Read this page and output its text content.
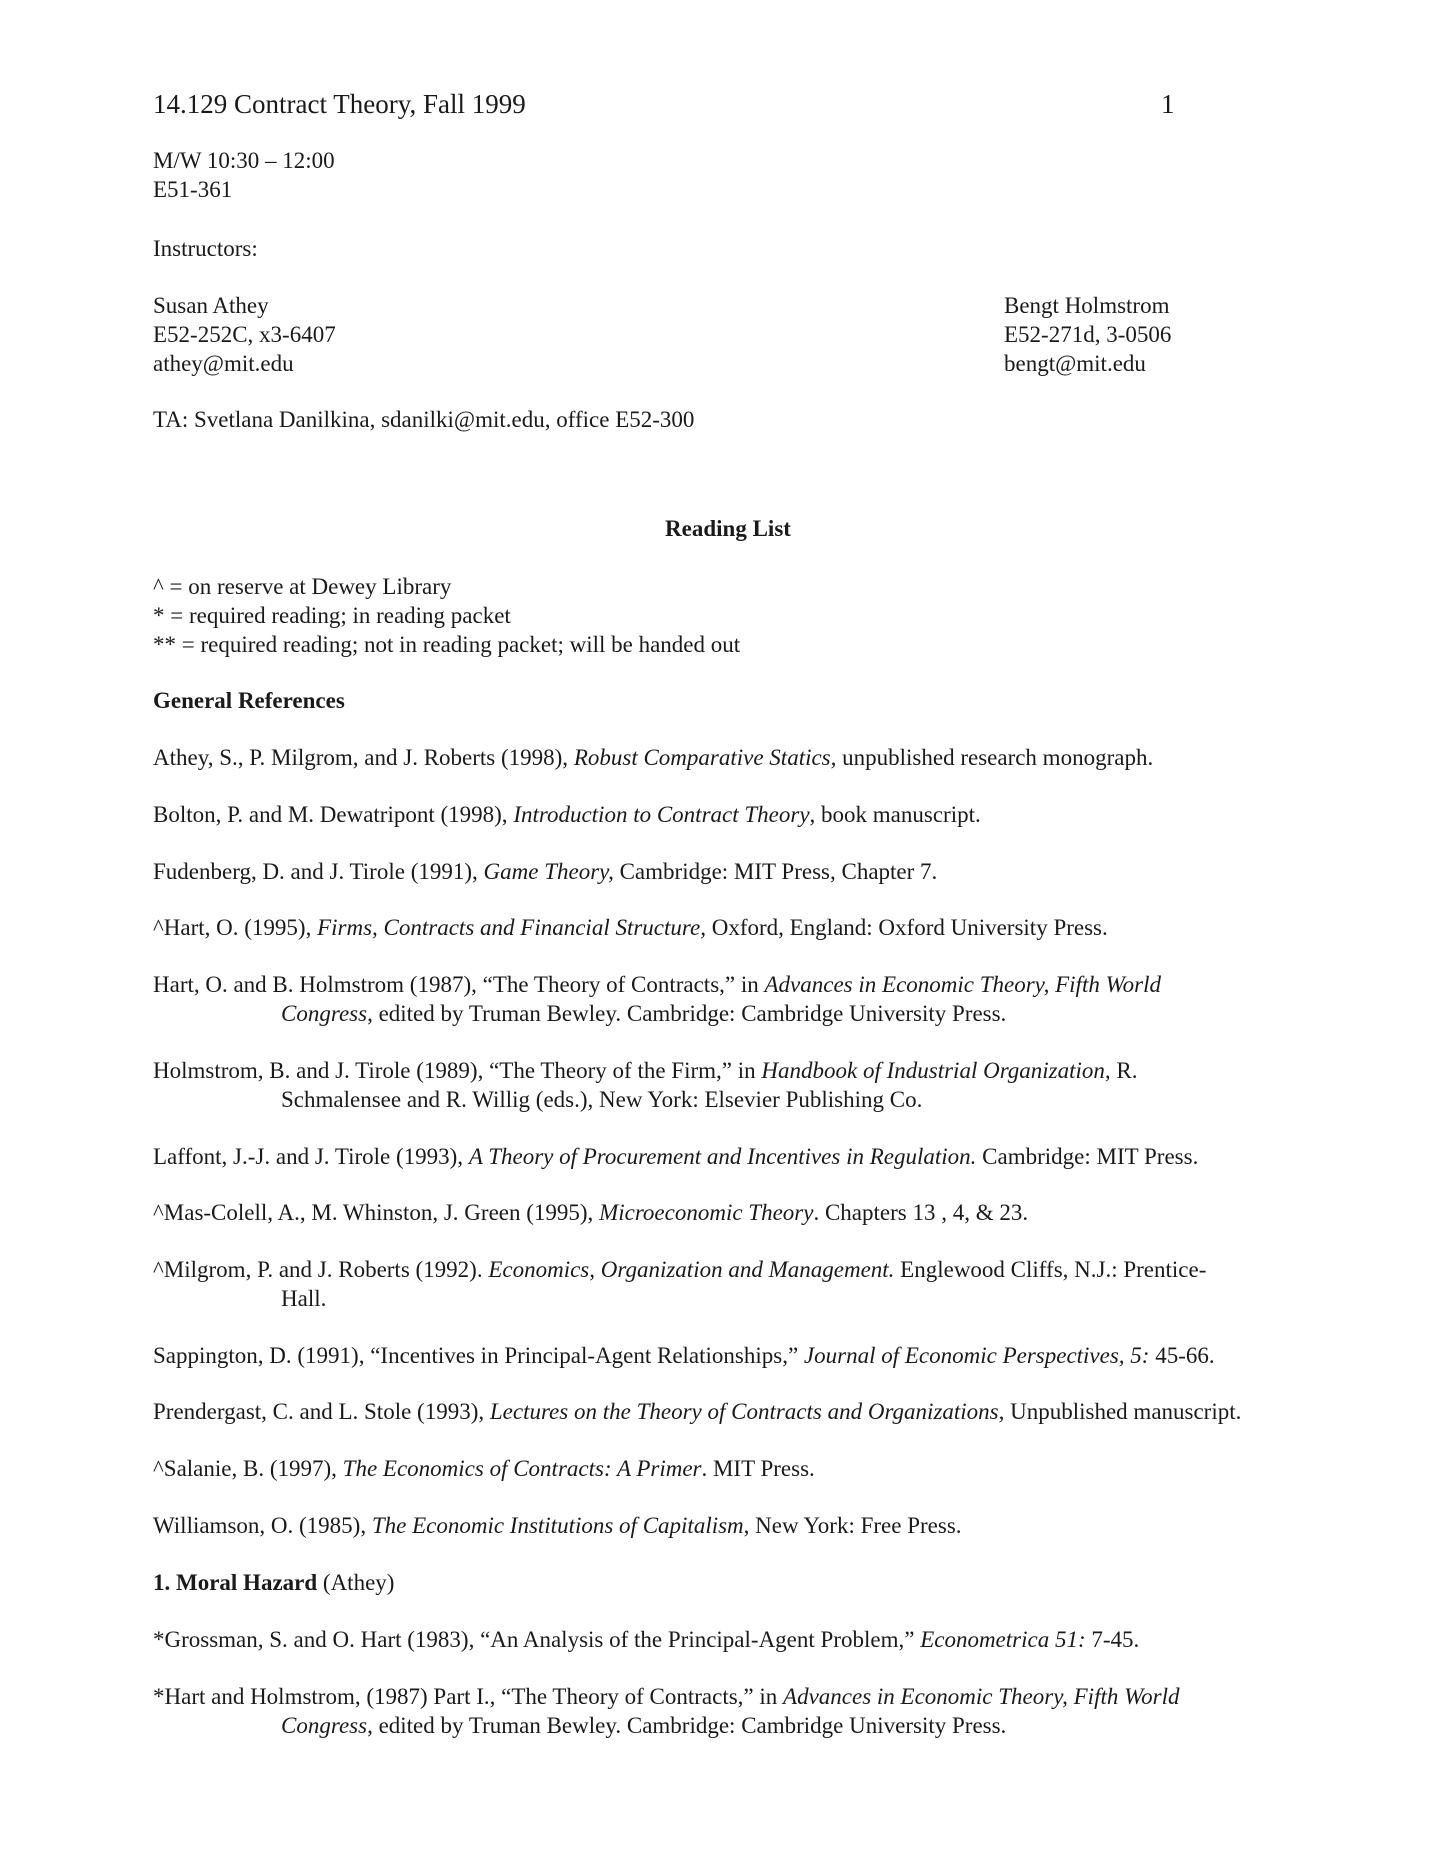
14.129 Contract Theory, Fall 1999	1
M/W 10:30 – 12:00
E51-361
Instructors:
Susan Athey
E52-252C, x3-6407
athey@mit.edu
Bengt Holmstrom
E52-271d, 3-0506
bengt@mit.edu
TA: Svetlana Danilkina, sdanilki@mit.edu, office E52-300
Reading List
^ = on reserve at Dewey Library
* = required reading; in reading packet
** = required reading; not in reading packet; will be handed out
General References
Athey, S., P. Milgrom, and J. Roberts (1998), Robust Comparative Statics, unpublished research monograph.
Bolton, P. and M. Dewatripont (1998), Introduction to Contract Theory, book manuscript.
Fudenberg, D. and J. Tirole (1991), Game Theory, Cambridge: MIT Press, Chapter 7.
^Hart, O. (1995), Firms, Contracts and Financial Structure, Oxford, England: Oxford University Press.
Hart, O. and B. Holmstrom (1987), “The Theory of Contracts,” in Advances in Economic Theory, Fifth World
Congress, edited by Truman Bewley. Cambridge: Cambridge University Press.
Holmstrom, B. and J. Tirole (1989), “The Theory of the Firm,” in Handbook of Industrial Organization, R.
Schmalensee and R. Willig (eds.), New York: Elsevier Publishing Co.
Laffont, J.-J. and J. Tirole (1993), A Theory of Procurement and Incentives in Regulation. Cambridge: MIT Press.
^Mas-Colell, A., M. Whinston, J. Green (1995), Microeconomic Theory. Chapters 13 , 4, & 23.
^Milgrom, P. and J. Roberts (1992). Economics, Organization and Management. Englewood Cliffs, N.J.: Prentice-
Hall.
Sappington, D. (1991), “Incentives in Principal-Agent Relationships,” Journal of Economic Perspectives, 5: 45-66.
Prendergast, C. and L. Stole (1993), Lectures on the Theory of Contracts and Organizations, Unpublished manuscript.
^Salanie, B. (1997), The Economics of Contracts: A Primer. MIT Press.
Williamson, O. (1985), The Economic Institutions of Capitalism, New York: Free Press.
1. Moral Hazard (Athey)
*Grossman, S. and O. Hart (1983), “An Analysis of the Principal-Agent Problem,” Econometrica 51: 7-45.
*Hart and Holmstrom, (1987) Part I., “The Theory of Contracts,” in Advances in Economic Theory, Fifth World
Congress, edited by Truman Bewley. Cambridge: Cambridge University Press.
